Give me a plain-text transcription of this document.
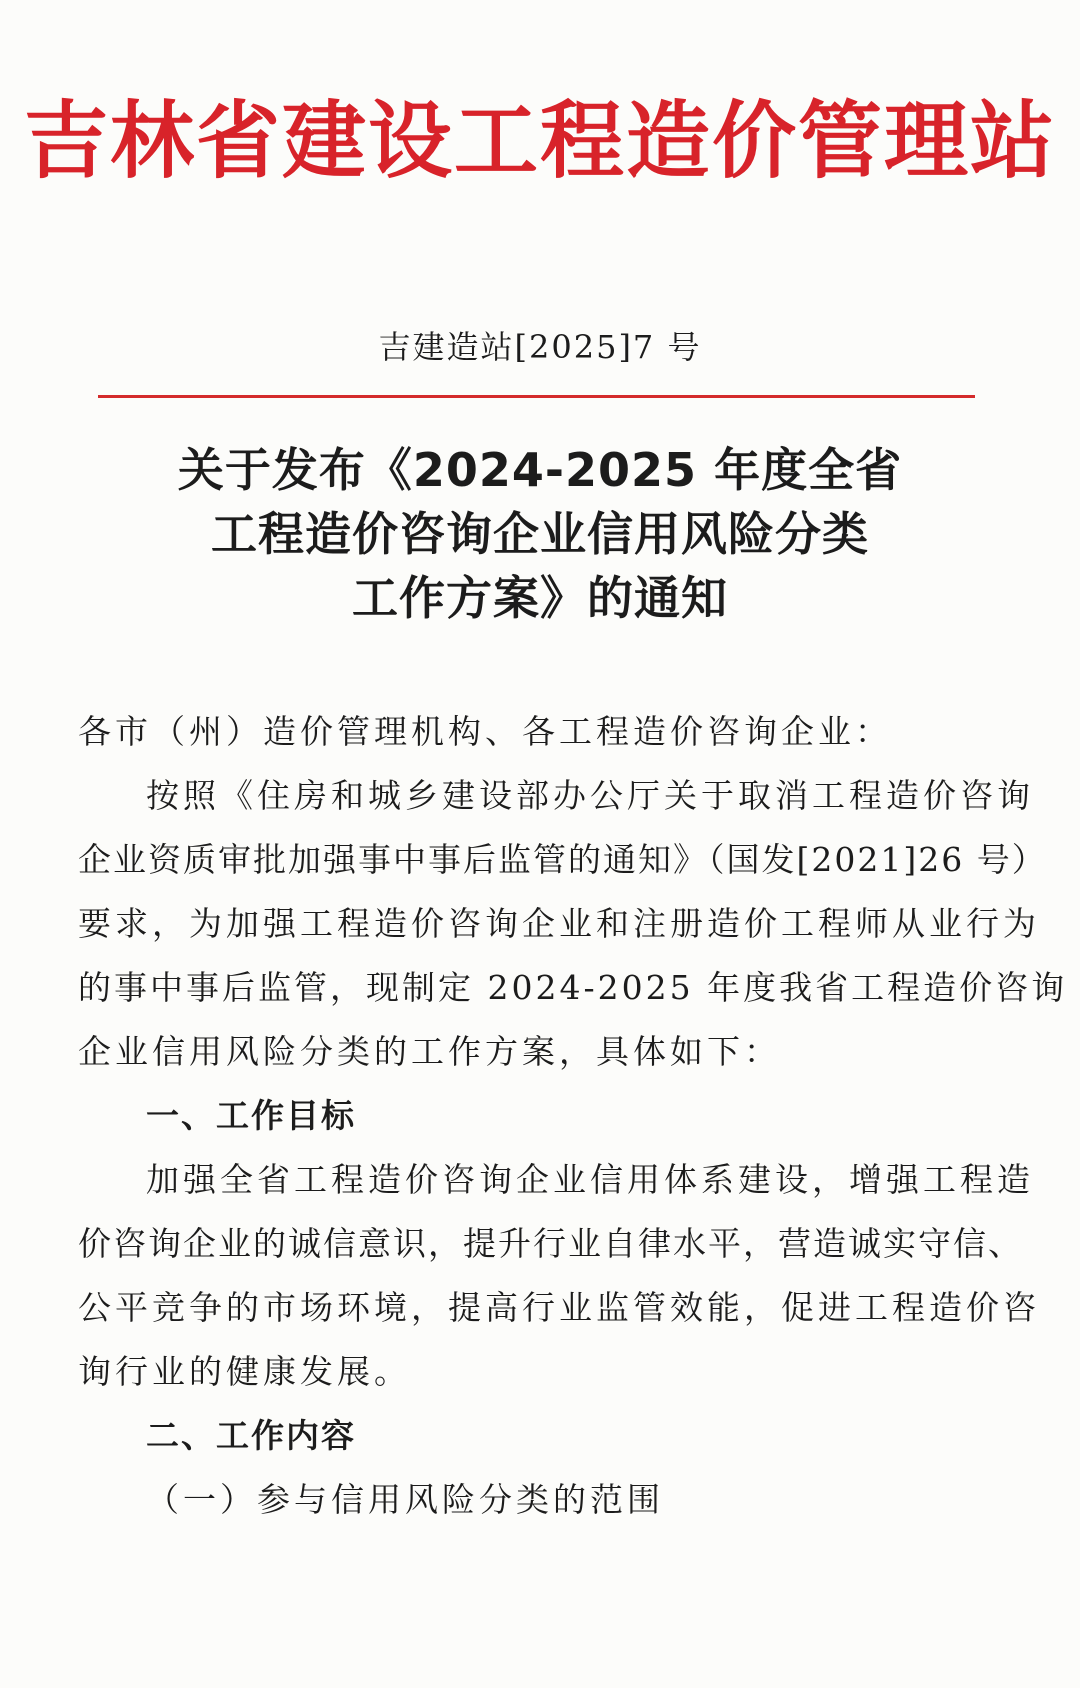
吉林省建设工程造价管理站
吉建造站[2025]7 号
关于发布《2024-2025 年度全省
工程造价咨询企业信用风险分类
工作方案》的通知
各市（州）造价管理机构、各工程造价咨询企业：
按照《住房和城乡建设部办公厅关于取消工程造价咨询
企业资质审批加强事中事后监管的通知》（国发[2021]26 号）
要求，为加强工程造价咨询企业和注册造价工程师从业行为
的事中事后监管，现制定 2024-2025 年度我省工程造价咨询
企业信用风险分类的工作方案，具体如下：
一、工作目标
加强全省工程造价咨询企业信用体系建设，增强工程造
价咨询企业的诚信意识，提升行业自律水平，营造诚实守信、
公平竞争的市场环境，提高行业监管效能，促进工程造价咨
询行业的健康发展。
二、工作内容
（一）参与信用风险分类的范围
